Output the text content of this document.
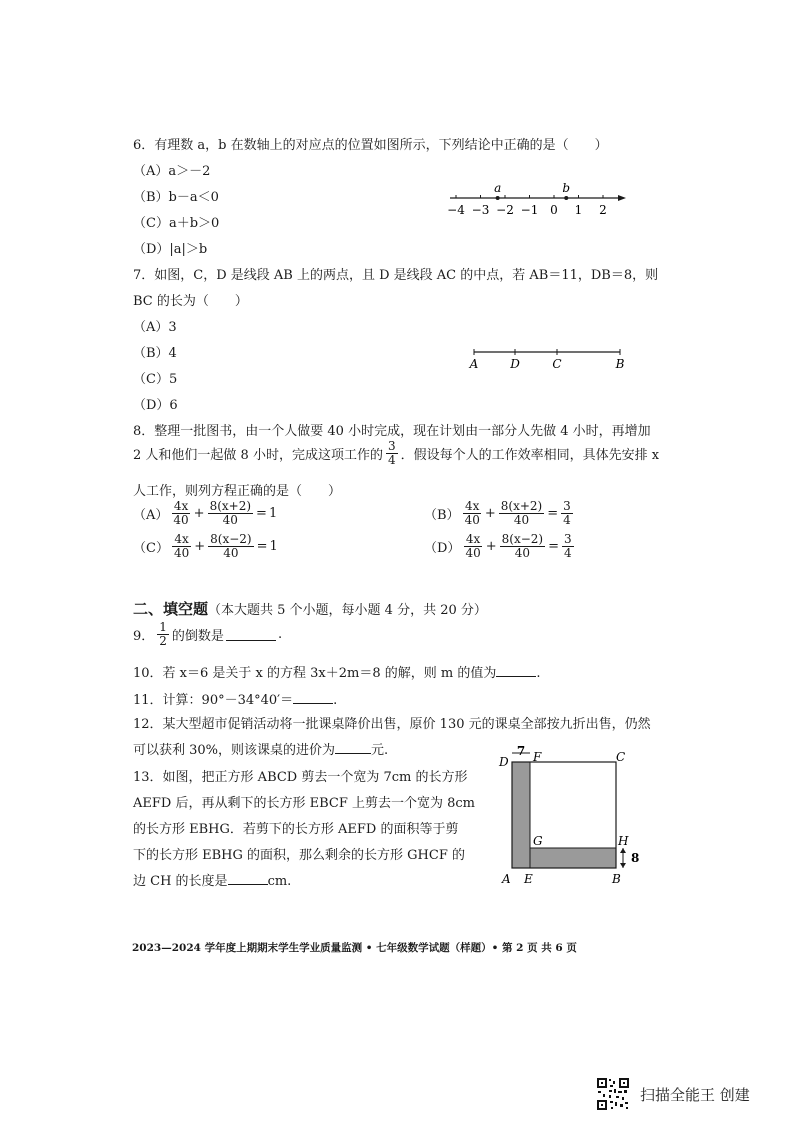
6．有理数 a，b 在数轴上的对应点的位置如图所示，下列结论中正确的是（　　）
（A）a＞－2
（B）b－a＜0
（C）a＋b＞0
（D）|a|＞b
−4 −3 −2 −1 0 1 2
a	b
7．如图，C，D 是线段 AB 上的两点，且 D 是线段 AC 的中点，若 AB＝11，DB＝8，则
BC 的长为（　　）
（A）3
（B）4
（C）5
（D）6
A	D	C	B
8．整理一批图书，由一个人做要 40 小时完成，现在计划由一部分人先做 4 小时，再增加
2 人和他们一起做 8 小时，完成这项工作的 $\frac{3}{4}$ ．假设每个人的工作效率相同，具体先安排 x
人工作，则列方程正确的是（　　）
$(A) \frac{4x}{40} + \frac{8(x+2)}{40} = 1$	$(B) \frac{4x}{40} + \frac{8(x+2)}{40} = \frac{3}{4}$
$(C) \frac{4x}{40} + \frac{8(x-2)}{40} = 1$	$(D) \frac{4x}{40} + \frac{8(x-2)}{40} = \frac{3}{4}$
二、填空题（本大题共 5 个小题，每小题 4 分，共 20 分）
9． $\frac{1}{2}$ 的倒数是	.
10．若 x＝6 是关于 x 的方程 3x＋2m＝8 的解，则 m 的值为	.
11．计算：90°－34°40′＝	.
12．某大型超市促销活动将一批课桌降价出售，原价 130 元的课桌全部按九折出售，仍然
可以获利 30%，则该课桌的进价为	元.
13．如图，把正方形 ABCD 剪去一个宽为 7cm 的长方形
AEFD 后，再从剩下的长方形 EBCF 上剪去一个宽为 8cm
的长方形 EBHG．若剪下的长方形 AEFD 的面积等于剪
下的长方形 EBHG 的面积，那么剩余的长方形 GHCF 的
边 CH 的长度是	cm.
7
8
D F	C
G	H
A E	B
2023—2024 学年度上期期末学生学业质量监测 • 七年级数学试题（样题）• 第 2 页 共 6 页
扫描全能王 创建
